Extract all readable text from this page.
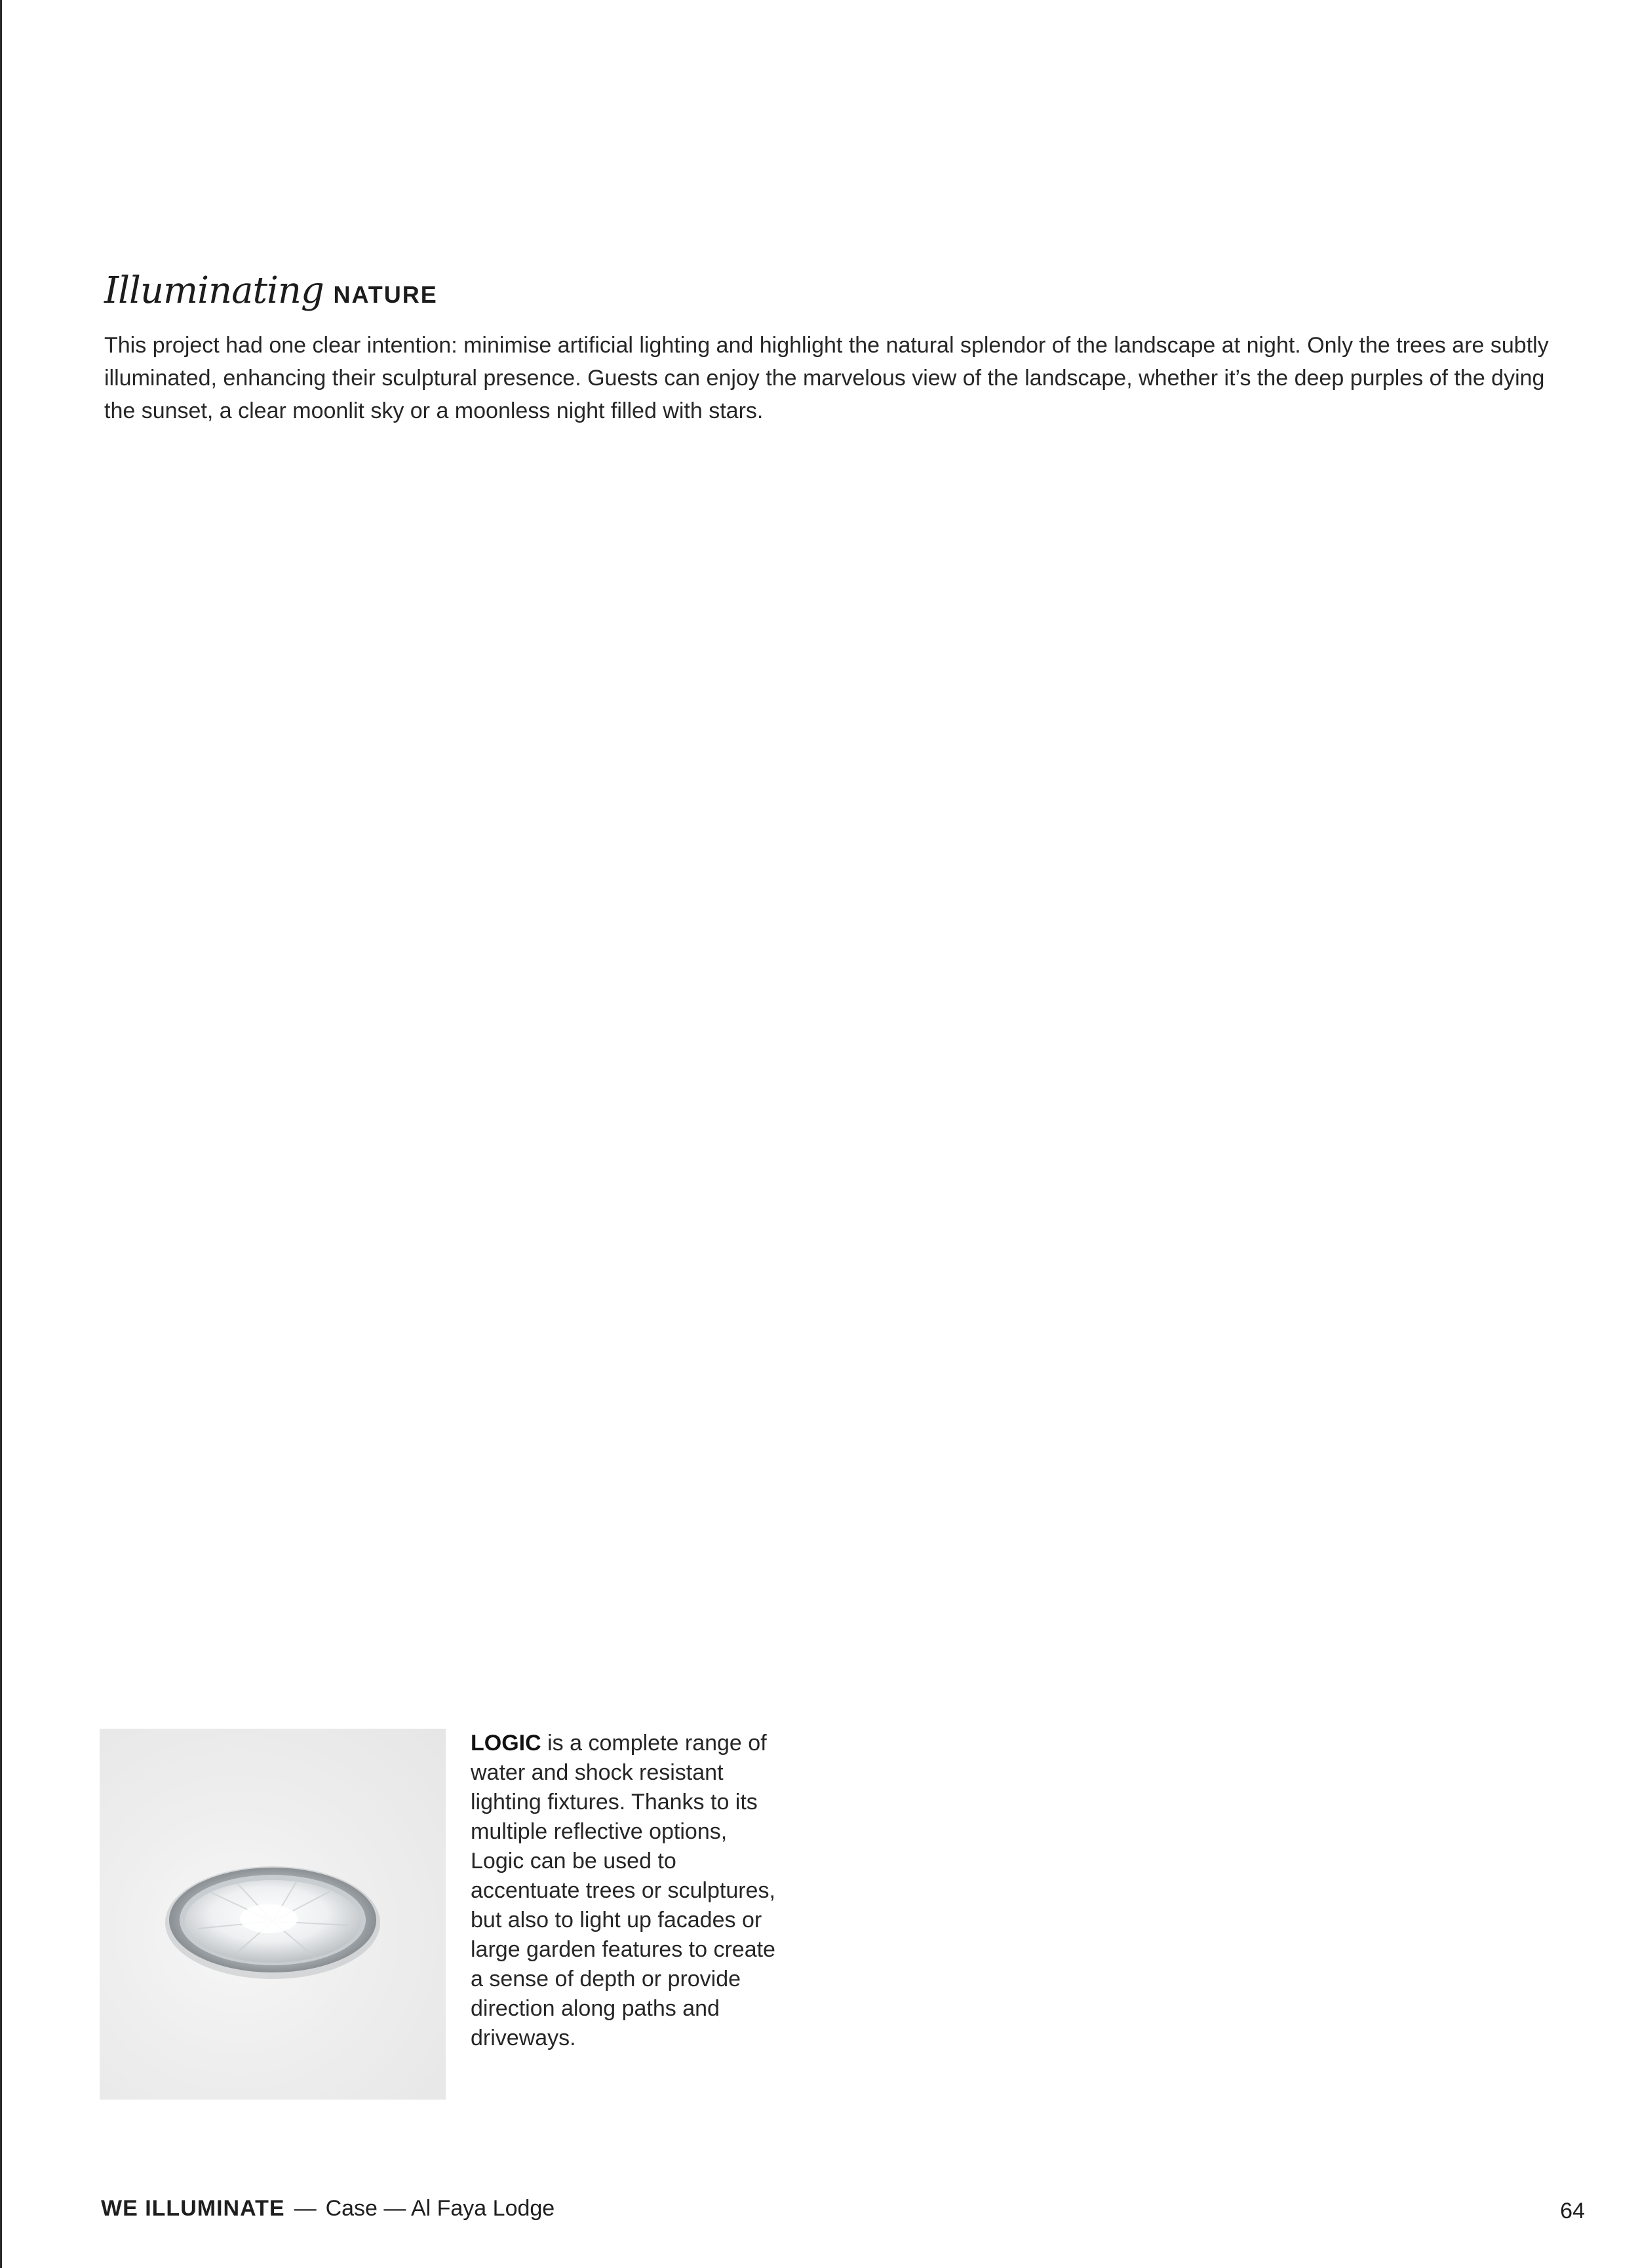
Illuminating NATURE

This project had one clear intention: minimise artificial lighting and highlight the natural splendor of the landscape at night. Only the trees are subtly illuminated, enhancing their sculptural presence. Guests can enjoy the marvelous view of the landscape, whether it’s the deep purples of the dying the sunset, a clear moonlit sky or a moonless night filled with stars.

LOGIC is a complete range of water and shock resistant lighting fixtures. Thanks to its multiple reflective options, Logic can be used to accentuate trees or sculptures, but also to light up facades or large garden features to create a sense of depth or provide direction along paths and driveways.

WE ILLUMINATE — Case — Al Faya Lodge	64
